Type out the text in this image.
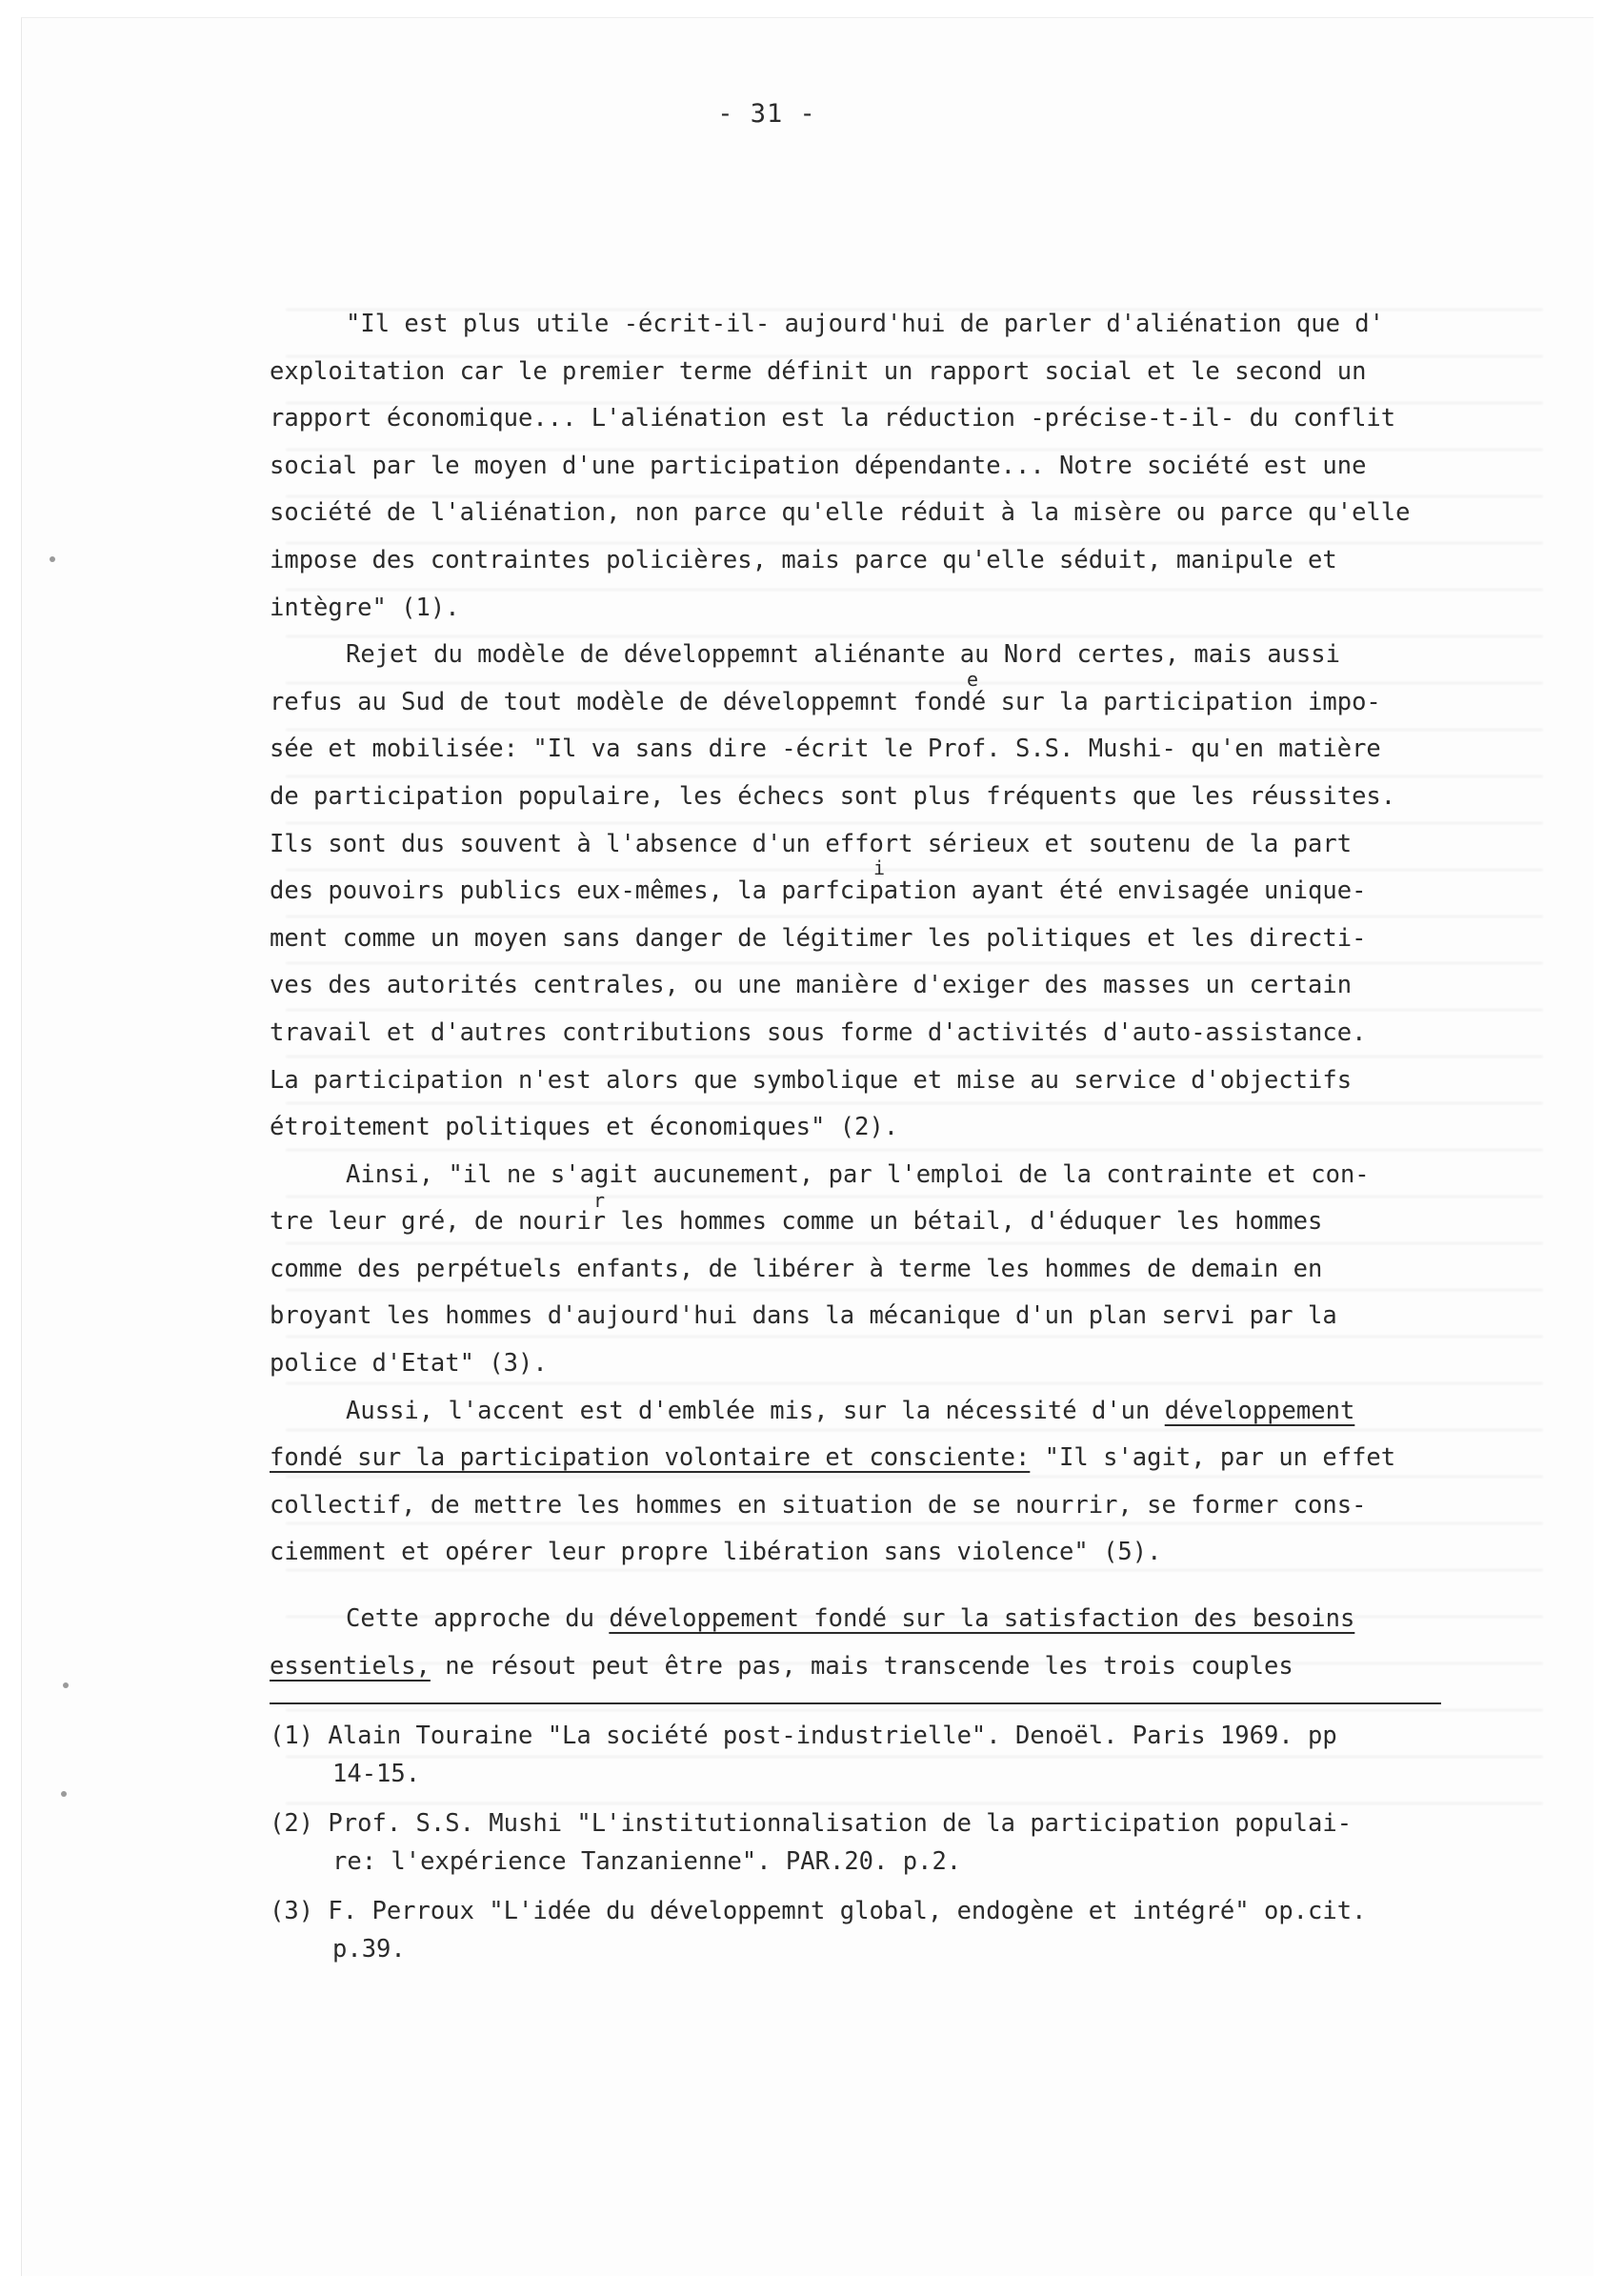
- 31 -
"Il est plus utile -écrit-il- aujourd'hui de parler d'aliénation que d'
exploitation car le premier terme définit un rapport social et le second un
rapport économique... L'aliénation est la réduction -précise-t-il- du conflit
social par le moyen d'une participation dépendante... Notre société est une
société de l'aliénation, non parce qu'elle réduit à la misère ou parce qu'elle
impose des contraintes policières, mais parce qu'elle séduit, manipule et
intègre" (1).
Rejet du modèle de développemnt aliénante au Nord certes, mais aussi
refus au Sud de tout modèle de développemnt fondé sur la participation impo-
e
sée et mobilisée: "Il va sans dire -écrit le Prof. S.S. Mushi- qu'en matière
de participation populaire, les échecs sont plus fréquents que les réussites.
Ils sont dus souvent à l'absence d'un effort sérieux et soutenu de la part
des pouvoirs publics eux-mêmes, la parfcipation ayant été envisagée unique-
i
ment comme un moyen sans danger de légitimer les politiques et les directi-
ves des autorités centrales, ou une manière d'exiger des masses un certain
travail et d'autres contributions sous forme d'activités d'auto-assistance.
La participation n'est alors que symbolique et mise au service d'objectifs
étroitement politiques et économiques" (2).
Ainsi, "il ne s'agit aucunement, par l'emploi de la contrainte et con-
tre leur gré, de nourir les hommes comme un bétail, d'éduquer les hommes
r
comme des perpétuels enfants, de libérer à terme les hommes de demain en
broyant les hommes d'aujourd'hui dans la mécanique d'un plan servi par la
police d'Etat" (3).
Aussi, l'accent est d'emblée mis, sur la nécessité d'un développement
fondé sur la participation volontaire et consciente: "Il s'agit, par un effet
collectif, de mettre les hommes en situation de se nourrir, se former cons-
ciemment et opérer leur propre libération sans violence" (5).
Cette approche du développement fondé sur la satisfaction des besoins
essentiels, ne résout peut être pas, mais transcende les trois couples
(1) Alain Touraine "La société post-industrielle". Denoël. Paris 1969. pp
14-15.
(2) Prof. S.S. Mushi "L'institutionnalisation de la participation populai-
re: l'expérience Tanzanienne". PAR.20. p.2.
(3) F. Perroux "L'idée du développemnt global, endogène et intégré" op.cit.
p.39.
